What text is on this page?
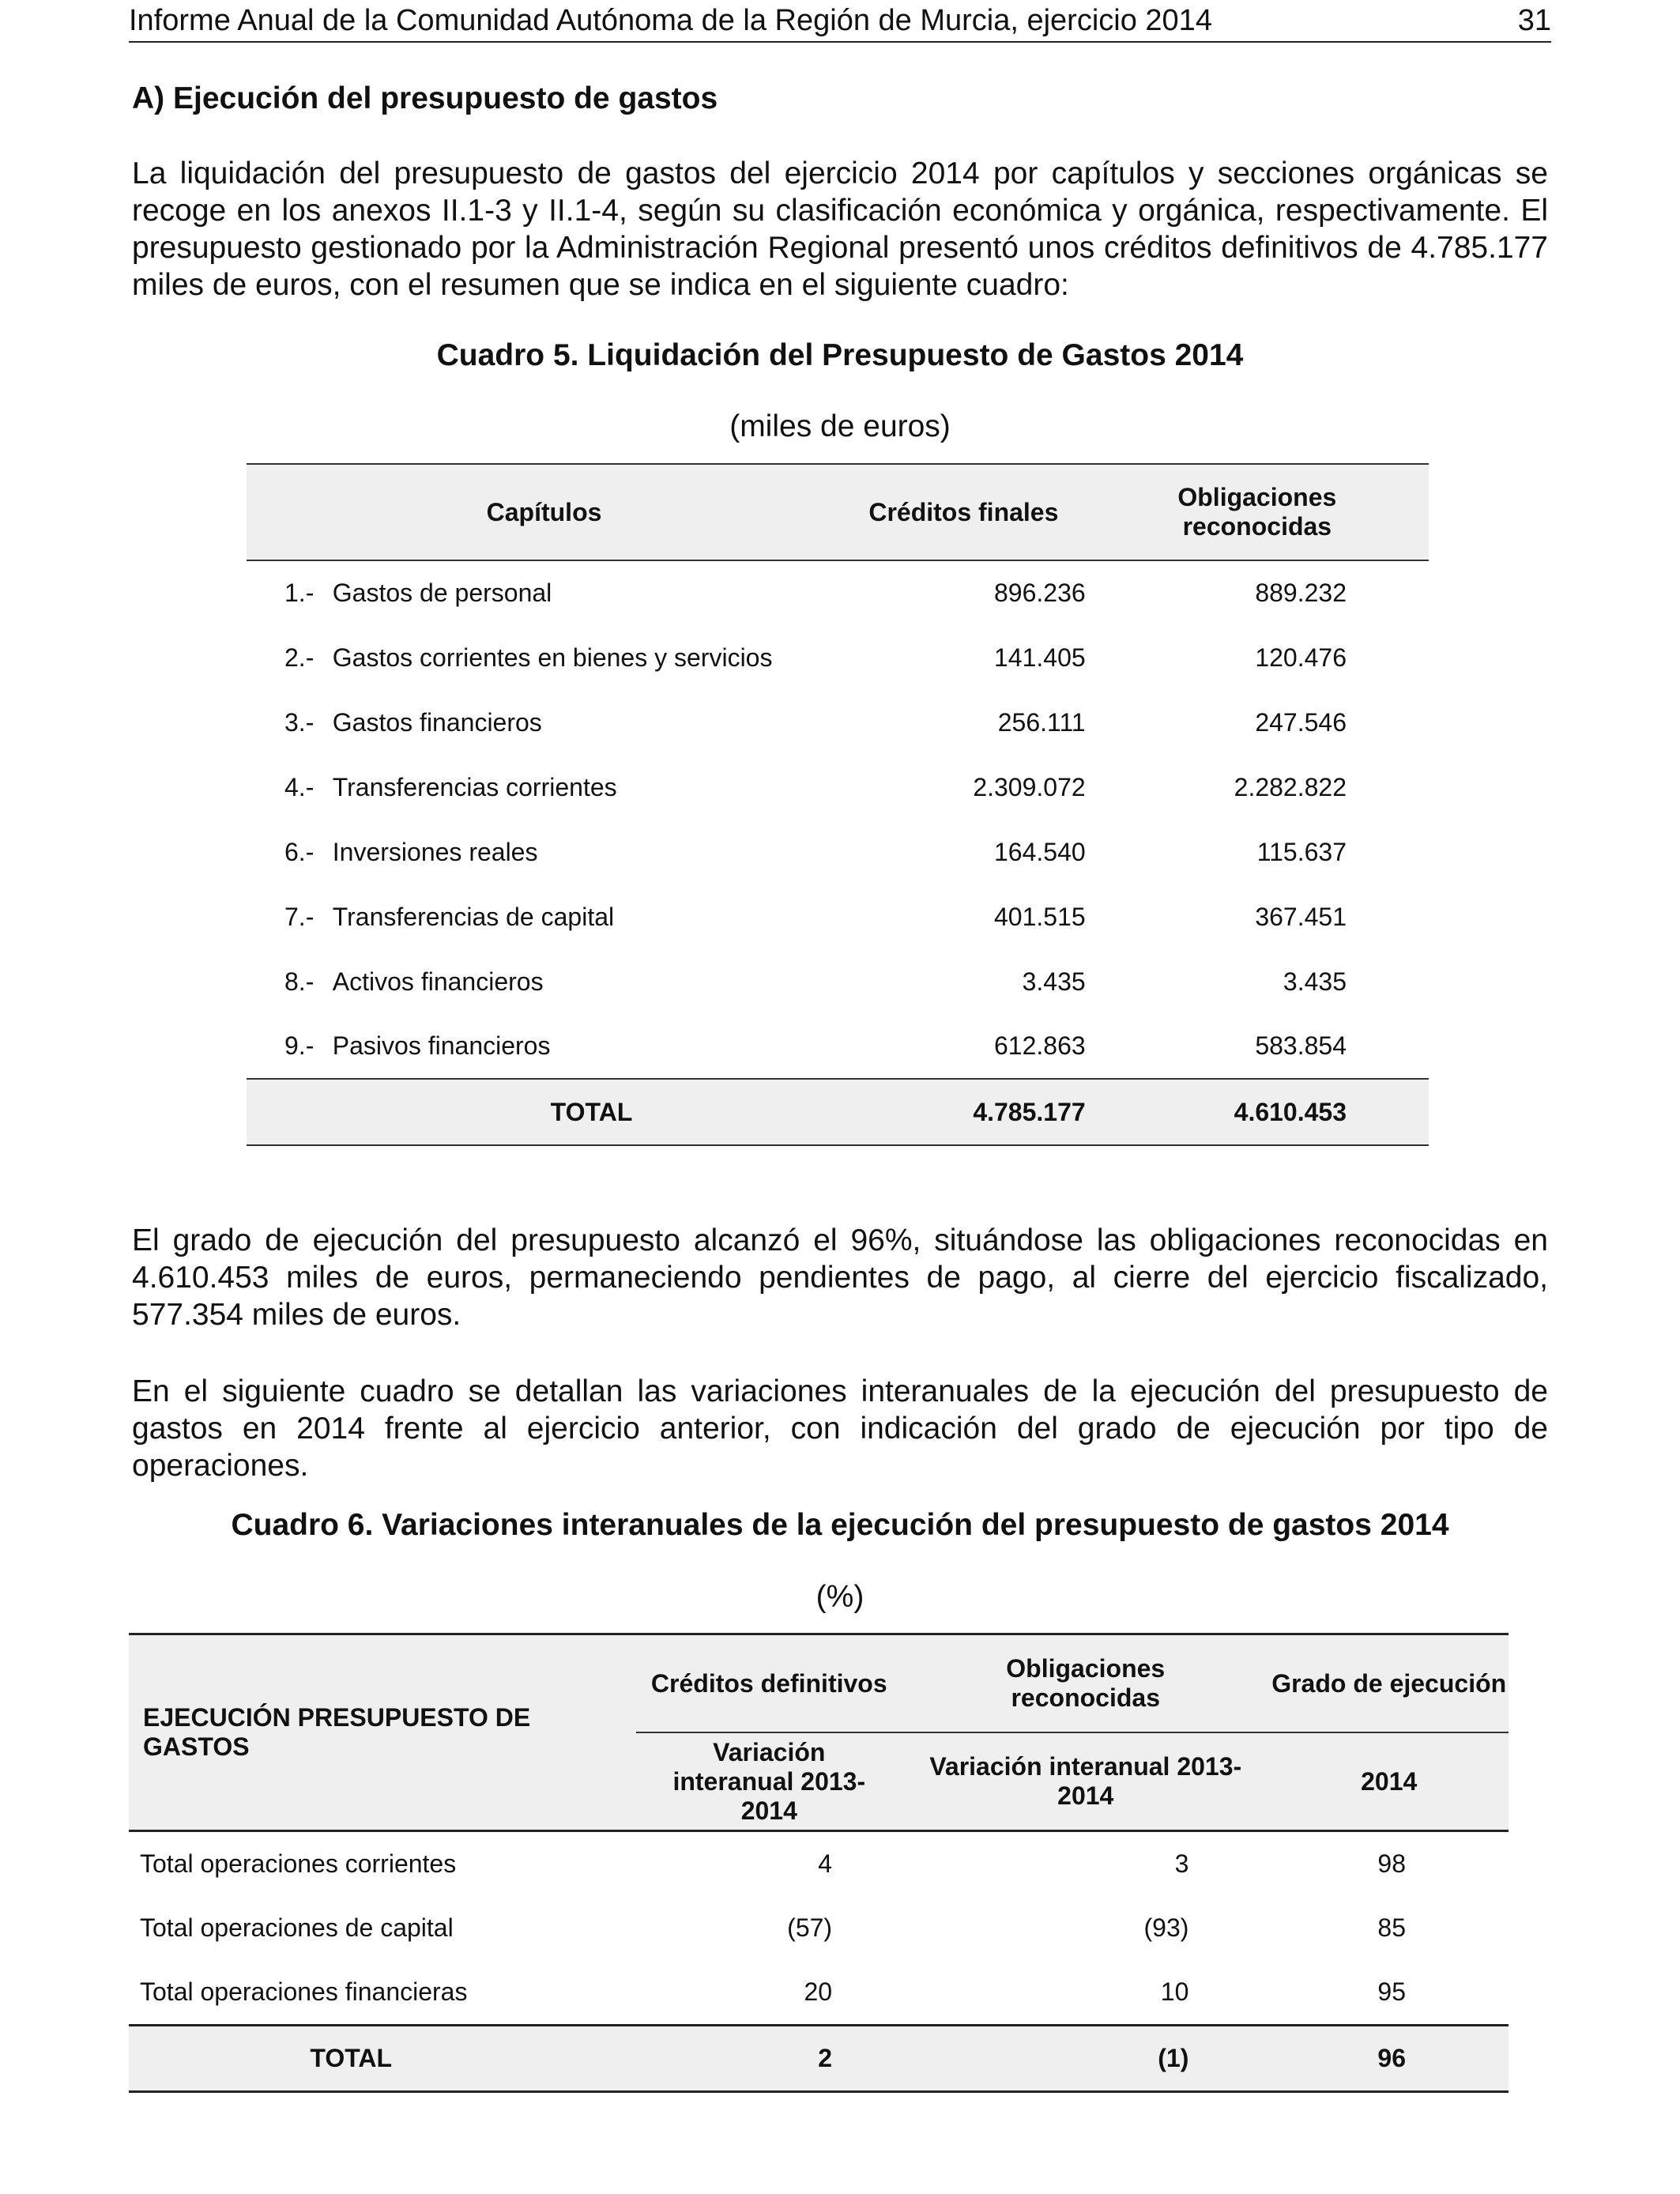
Informe Anual de la Comunidad Autónoma de la Región de Murcia, ejercicio 2014	31
A) Ejecución del presupuesto de gastos
La liquidación del presupuesto de gastos del ejercicio 2014 por capítulos y secciones orgánicas se recoge en los anexos II.1-3 y II.1-4, según su clasificación económica y orgánica, respectivamente. El presupuesto gestionado por la Administración Regional presentó unos créditos definitivos de 4.785.177 miles de euros, con el resumen que se indica en el siguiente cuadro:
Cuadro 5. Liquidación del Presupuesto de Gastos 2014
(miles de euros)
Capítulos		Créditos finales	Obligaciones reconocidas
1.-	Gastos de personal	896.236	889.232
2.-	Gastos corrientes en bienes y servicios	141.405	120.476
3.-	Gastos financieros	256.111	247.546
4.-	Transferencias corrientes	2.309.072	2.282.822
6.-	Inversiones reales	164.540	115.637
7.-	Transferencias de capital	401.515	367.451
8.-	Activos financieros	3.435	3.435
9.-	Pasivos financieros	612.863	583.854
TOTAL		4.785.177	4.610.453
El grado de ejecución del presupuesto alcanzó el 96%, situándose las obligaciones reconocidas en 4.610.453 miles de euros, permaneciendo pendientes de pago, al cierre del ejercicio fiscalizado, 577.354 miles de euros.
En el siguiente cuadro se detallan las variaciones interanuales de la ejecución del presupuesto de gastos en 2014 frente al ejercicio anterior, con indicación del grado de ejecución por tipo de operaciones.
Cuadro 6. Variaciones interanuales de la ejecución del presupuesto de gastos 2014
(%)
EJECUCIÓN PRESUPUESTO DE GASTOS	Créditos definitivos	Obligaciones reconocidas	Grado de ejecución
	Variación interanual 2013-2014	Variación interanual 2013-2014	2014
Total operaciones corrientes	4	3	98
Total operaciones de capital	(57)	(93)	85
Total operaciones financieras	20	10	95
TOTAL	2	(1)	96
